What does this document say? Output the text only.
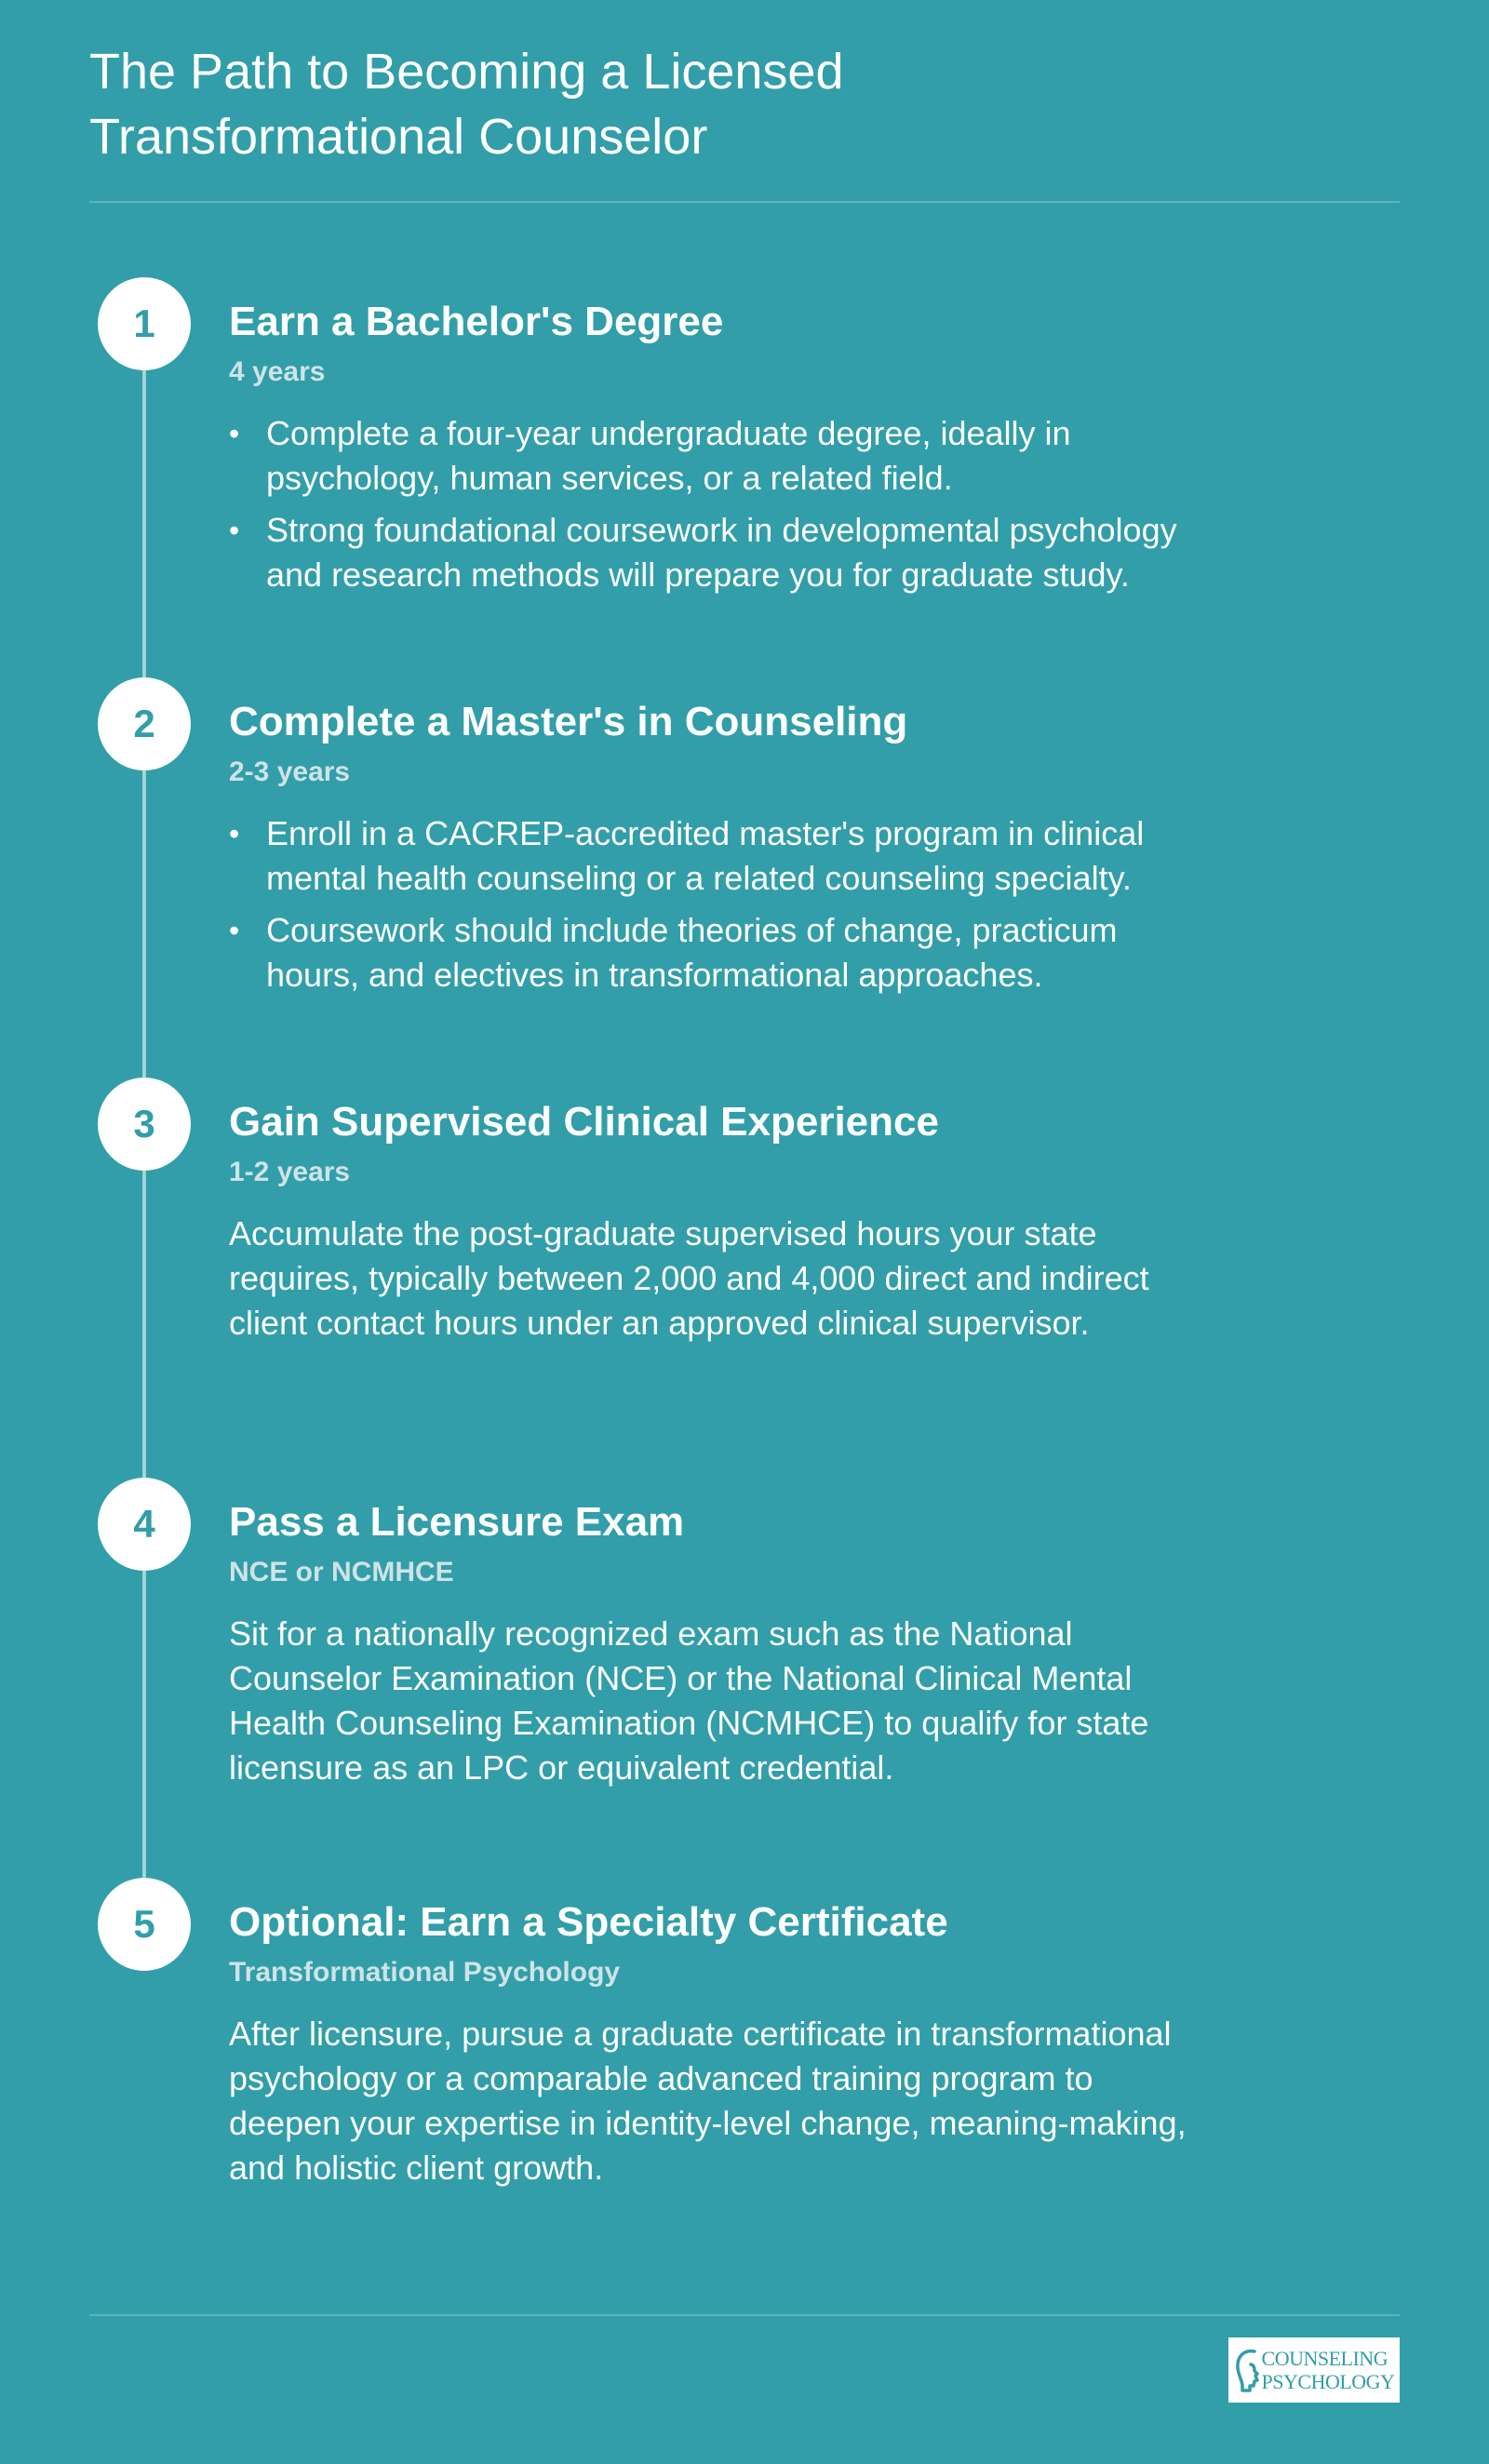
The Path to Becoming a Licensed
Transformational Counselor
1	Earn a Bachelor's Degree
4 years
• Complete a four-year undergraduate degree, ideally in psychology, human services, or a related field.
• Strong foundational coursework in developmental psychology and research methods will prepare you for graduate study.
2	Complete a Master's in Counseling
2-3 years
• Enroll in a CACREP-accredited master's program in clinical mental health counseling or a related counseling specialty.
• Coursework should include theories of change, practicum hours, and electives in transformational approaches.
3	Gain Supervised Clinical Experience
1-2 years
Accumulate the post-graduate supervised hours your state requires, typically between 2,000 and 4,000 direct and indirect client contact hours under an approved clinical supervisor.
4	Pass a Licensure Exam
NCE or NCMHCE
Sit for a nationally recognized exam such as the National Counselor Examination (NCE) or the National Clinical Mental Health Counseling Examination (NCMHCE) to qualify for state licensure as an LPC or equivalent credential.
5	Optional: Earn a Specialty Certificate
Transformational Psychology
After licensure, pursue a graduate certificate in transformational psychology or a comparable advanced training program to deepen your expertise in identity-level change, meaning-making, and holistic client growth.
COUNSELING
PSYCHOLOGY
